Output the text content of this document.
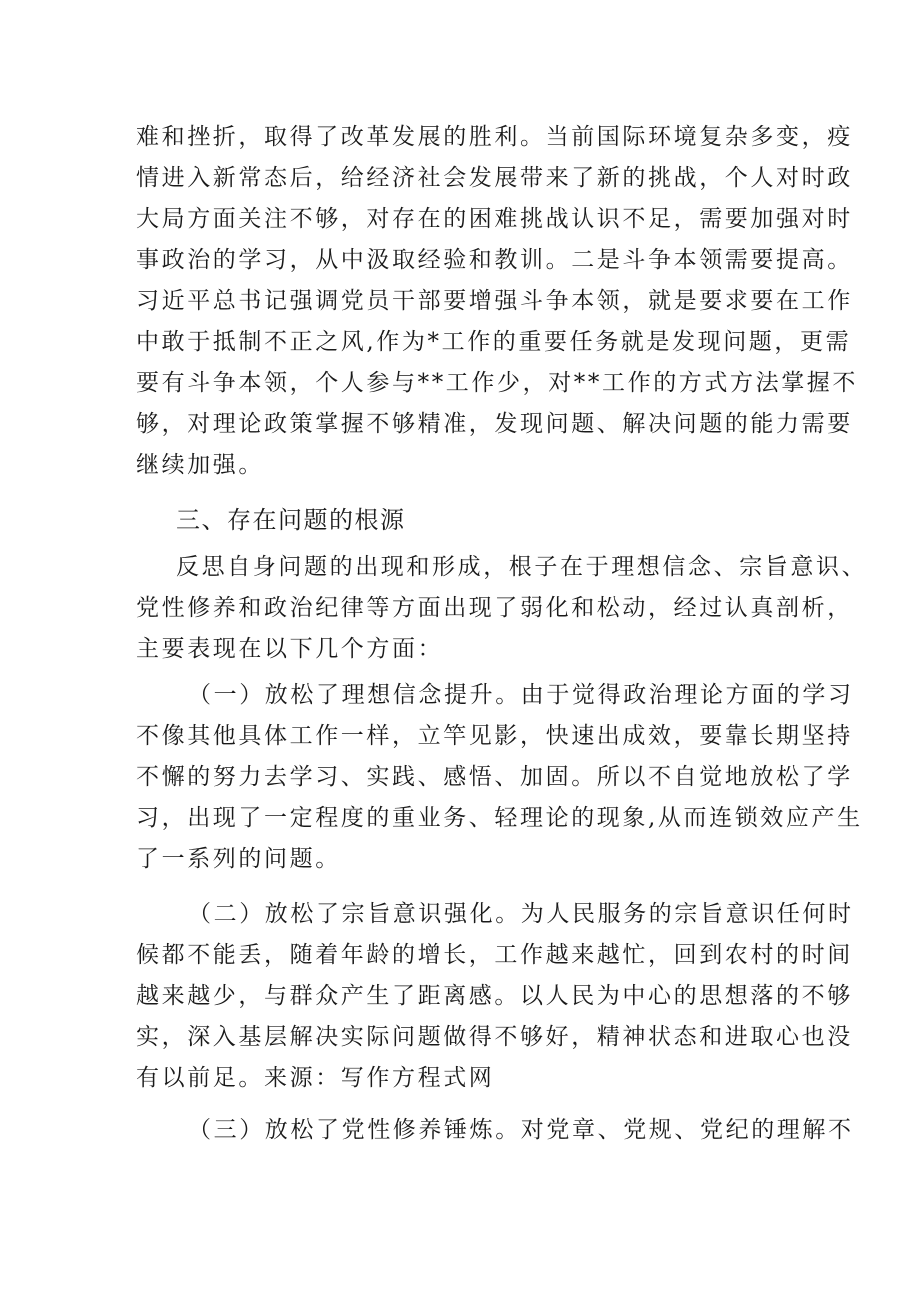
难和挫折，取得了改革发展的胜利。当前国际环境复杂多变，疫
情进入新常态后，给经济社会发展带来了新的挑战，个人对时政
大局方面关注不够，对存在的困难挑战认识不足，需要加强对时
事政治的学习，从中汲取经验和教训。二是斗争本领需要提高。
习近平总书记强调党员干部要增强斗争本领，就是要求要在工作
中敢于抵制不正之风,作为*工作的重要任务就是发现问题，更需
要有斗争本领，个人参与**工作少，对**工作的方式方法掌握不
够，对理论政策掌握不够精准，发现问题、解决问题的能力需要
继续加强。
三、存在问题的根源
反思自身问题的出现和形成，根子在于理想信念、宗旨意识、
党性修养和政治纪律等方面出现了弱化和松动，经过认真剖析，
主要表现在以下几个方面：
（一）放松了理想信念提升。由于觉得政治理论方面的学习
不像其他具体工作一样，立竿见影，快速出成效，要靠长期坚持
不懈的努力去学习、实践、感悟、加固。所以不自觉地放松了学
习，出现了一定程度的重业务、轻理论的现象,从而连锁效应产生
了一系列的问题。
（二）放松了宗旨意识强化。为人民服务的宗旨意识任何时
候都不能丢，随着年龄的增长，工作越来越忙，回到农村的时间
越来越少，与群众产生了距离感。以人民为中心的思想落的不够
实，深入基层解决实际问题做得不够好，精神状态和进取心也没
有以前足。来源：写作方程式网
（三）放松了党性修养锤炼。对党章、党规、党纪的理解不
